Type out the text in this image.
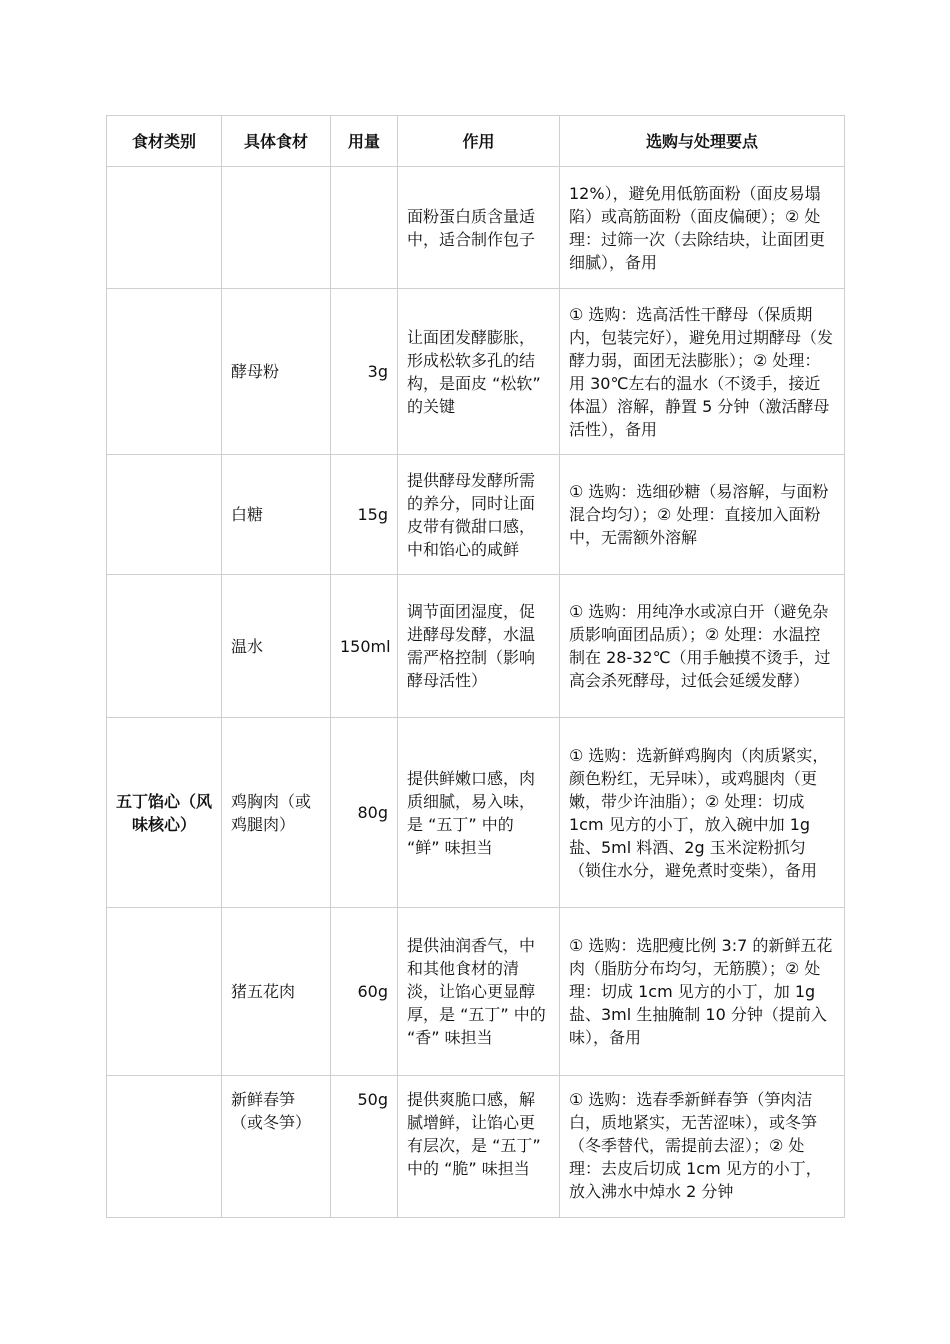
食材类别	具体食材	用量	作用	选购与处理要点
			面粉蛋白质含量适中，适合制作包子	12%），避免用低筋面粉（面皮易塌陷）或高筋面粉（面皮偏硬）；② 处理：过筛一次（去除结块，让面团更细腻），备用
	酵母粉	3g	让面团发酵膨胀，形成松软多孔的结构，是面皮 “松软” 的关键	① 选购：选高活性干酵母（保质期内，包装完好），避免用过期酵母（发酵力弱，面团无法膨胀）；② 处理：用 30℃左右的温水（不烫手，接近体温）溶解，静置 5 分钟（激活酵母活性），备用
	白糖	15g	提供酵母发酵所需的养分，同时让面皮带有微甜口感，中和馅心的咸鲜	① 选购：选细砂糖（易溶解，与面粉混合均匀）；② 处理：直接加入面粉中，无需额外溶解
	温水	150ml	调节面团湿度，促进酵母发酵，水温需严格控制（影响酵母活性）	① 选购：用纯净水或凉白开（避免杂质影响面团品质）；② 处理：水温控制在 28-32℃（用手触摸不烫手，过高会杀死酵母，过低会延缓发酵）
五丁馅心（风味核心）	鸡胸肉（或鸡腿肉）	80g	提供鲜嫩口感，肉质细腻，易入味，是 “五丁” 中的 “鲜” 味担当	① 选购：选新鲜鸡胸肉（肉质紧实，颜色粉红，无异味），或鸡腿肉（更嫩，带少许油脂）；② 处理：切成 1cm 见方的小丁，放入碗中加 1g 盐、5ml 料酒、2g 玉米淀粉抓匀（锁住水分，避免煮时变柴），备用
	猪五花肉	60g	提供油润香气，中和其他食材的清淡，让馅心更显醇厚，是 “五丁” 中的 “香” 味担当	① 选购：选肥瘦比例 3:7 的新鲜五花肉（脂肪分布均匀，无筋膜）；② 处理：切成 1cm 见方的小丁，加 1g 盐、3ml 生抽腌制 10 分钟（提前入味），备用
	新鲜春笋（或冬笋）	50g	提供爽脆口感，解腻增鲜，让馅心更有层次，是 “五丁” 中的 “脆” 味担当	① 选购：选春季新鲜春笋（笋肉洁白，质地紧实，无苦涩味），或冬笋（冬季替代，需提前去涩）；② 处理：去皮后切成 1cm 见方的小丁，放入沸水中焯水 2 分钟
